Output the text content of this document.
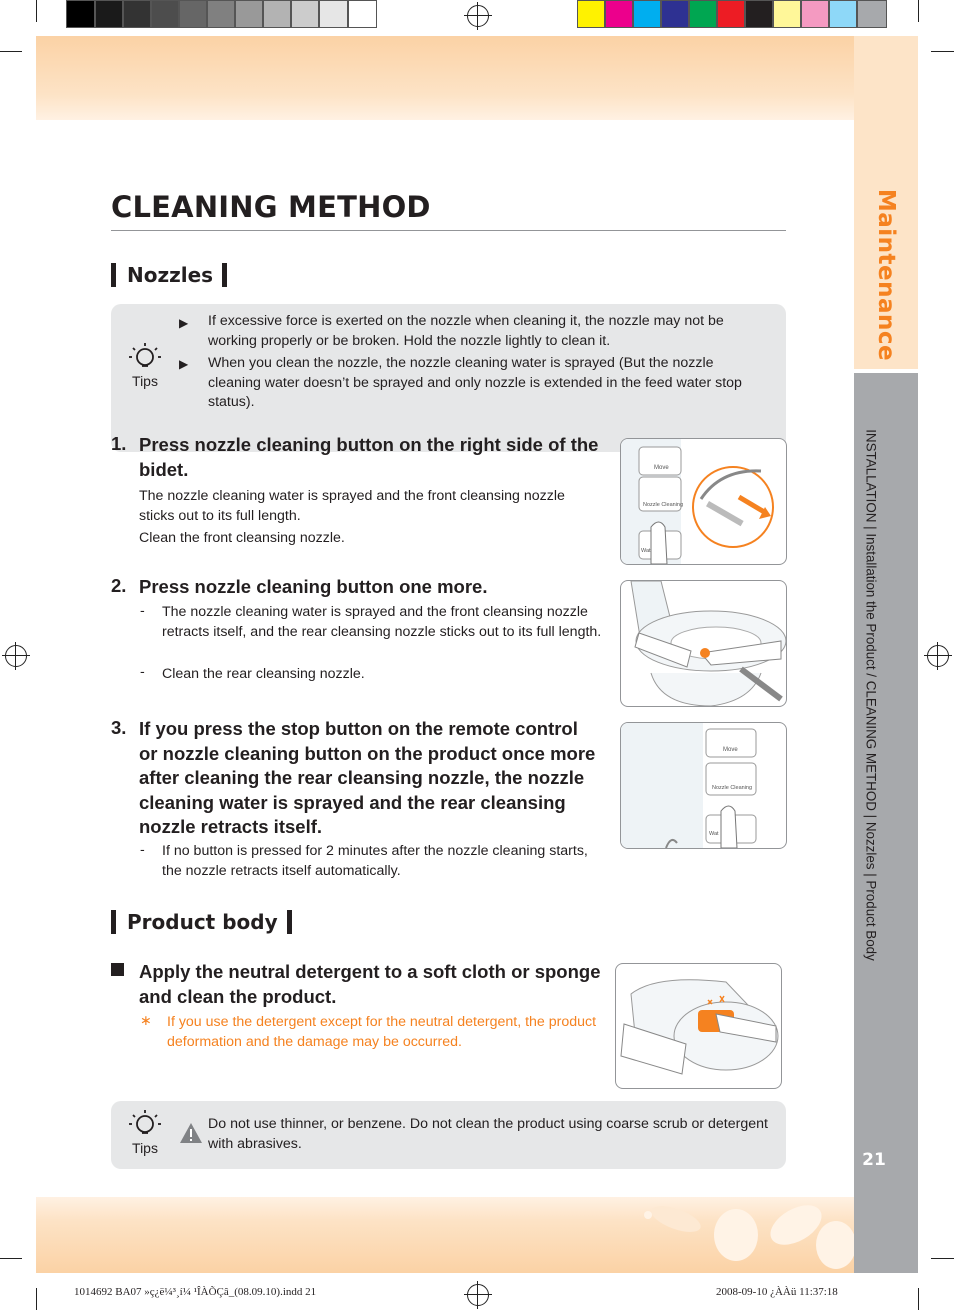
Maintenance
INSTALLATION | Installation the Product / CLEANING METHOD | Nozzles | Product Body
21
CLEANING METHOD
Nozzles
Tips
▶ If excessive force is exerted on the nozzle when cleaning it, the nozzle may not be working properly or be broken. Hold the nozzle lightly to clean it.
▶ When you clean the nozzle, the nozzle cleaning water is sprayed (But the nozzle cleaning water doesn’t be sprayed and only nozzle is extended in the feed water stop status).
1. Press nozzle cleaning button on the right side of the bidet.
The nozzle cleaning water is sprayed and the front cleansing nozzle sticks out to its full length.
Clean the front cleansing nozzle.
Move
Nozzle Cleaning
Wat
2. Press nozzle cleaning button one more.
- The nozzle cleaning water is sprayed and the front cleansing nozzle retracts itself, and the rear cleansing nozzle sticks out to its full length.
- Clean the rear cleansing nozzle.
3. If you press the stop button on the remote control or nozzle cleaning button on the product once more after cleaning the rear cleansing nozzle, the nozzle cleaning water is sprayed and the rear cleansing nozzle retracts itself.
- If no button is pressed for 2 minutes after the nozzle cleaning starts, the nozzle retracts itself automatically.
Move
Nozzle Cleaning
Wat
Product body
Apply the neutral detergent to a soft cloth or sponge and clean the product.
∗ If you use the detergent except for the neutral detergent, the product deformation and the damage may be occurred.
Tips
Do not use thinner, or benzene. Do not clean the product using coarse scrub or detergent with abrasives.
1014692 BA07 »ç¿ë¼³¸í¼ ¹ÎÀÕÇâ_(08.09.10).indd 21	2008-09-10 ¿ÀÀü 11:37:18
